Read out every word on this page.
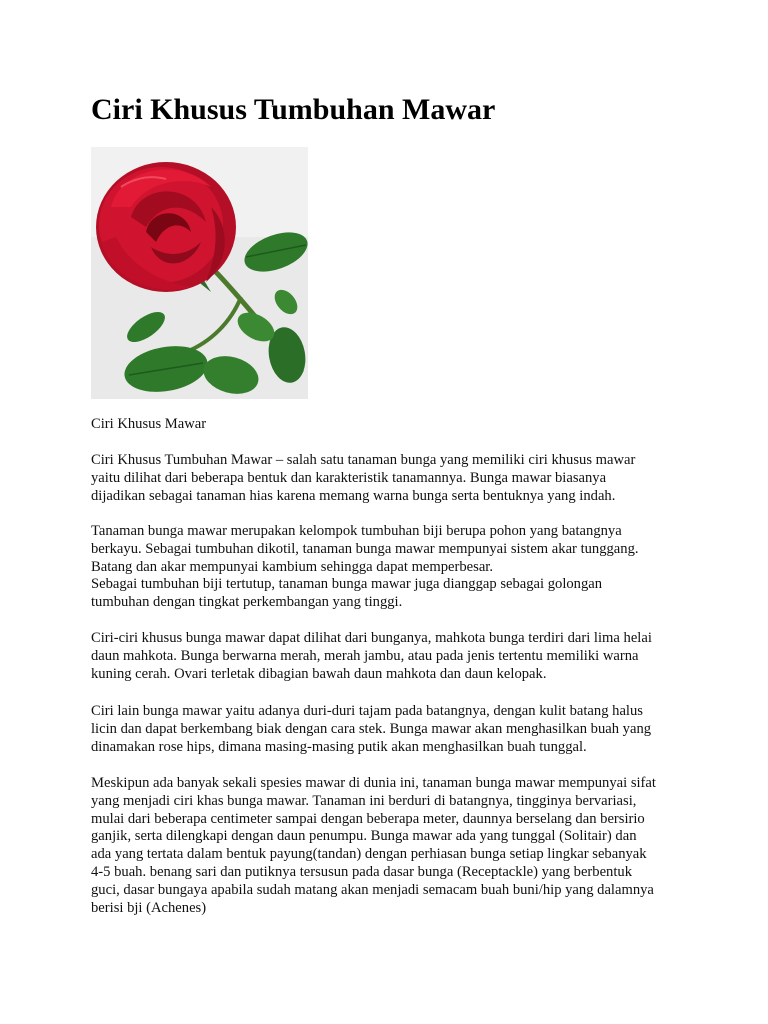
Ciri Khusus Tumbuhan Mawar

Ciri Khusus Mawar

Ciri Khusus Tumbuhan Mawar – salah satu tanaman bunga yang memiliki ciri khusus mawar
yaitu dilihat dari beberapa bentuk dan karakteristik tanamannya. Bunga mawar biasanya
dijadikan sebagai tanaman hias karena memang warna bunga serta bentuknya yang indah.
Tanaman bunga mawar merupakan kelompok tumbuhan biji berupa pohon yang batangnya
berkayu. Sebagai tumbuhan dikotil, tanaman bunga mawar mempunyai sistem akar tunggang.
Batang dan akar mempunyai kambium sehingga dapat memperbesar.
Sebagai tumbuhan biji tertutup, tanaman bunga mawar juga dianggap sebagai golongan
tumbuhan dengan tingkat perkembangan yang tinggi.
Ciri-ciri khusus bunga mawar dapat dilihat dari bunganya, mahkota bunga terdiri dari lima helai
daun mahkota. Bunga berwarna merah, merah jambu, atau pada jenis tertentu memiliki warna
kuning cerah. Ovari terletak dibagian bawah daun mahkota dan daun kelopak.
Ciri lain bunga mawar yaitu adanya duri-duri tajam pada batangnya, dengan kulit batang halus
licin dan dapat berkembang biak dengan cara stek. Bunga mawar akan menghasilkan buah yang
dinamakan rose hips, dimana masing-masing putik akan menghasilkan buah tunggal.
Meskipun ada banyak sekali spesies mawar di dunia ini, tanaman bunga mawar mempunyai sifat
yang menjadi ciri khas bunga mawar. Tanaman ini berduri di batangnya, tingginya bervariasi,
mulai dari beberapa centimeter sampai dengan beberapa meter, daunnya berselang dan bersirio
ganjik, serta dilengkapi dengan daun penumpu. Bunga mawar ada yang tunggal (Solitair) dan
ada yang tertata dalam bentuk payung(tandan) dengan perhiasan bunga setiap lingkar sebanyak
4-5 buah. benang sari dan putiknya tersusun pada dasar bunga (Receptackle) yang berbentuk
guci, dasar bungaya apabila sudah matang akan menjadi semacam buah buni/hip yang dalamnya
berisi bji (Achenes)
